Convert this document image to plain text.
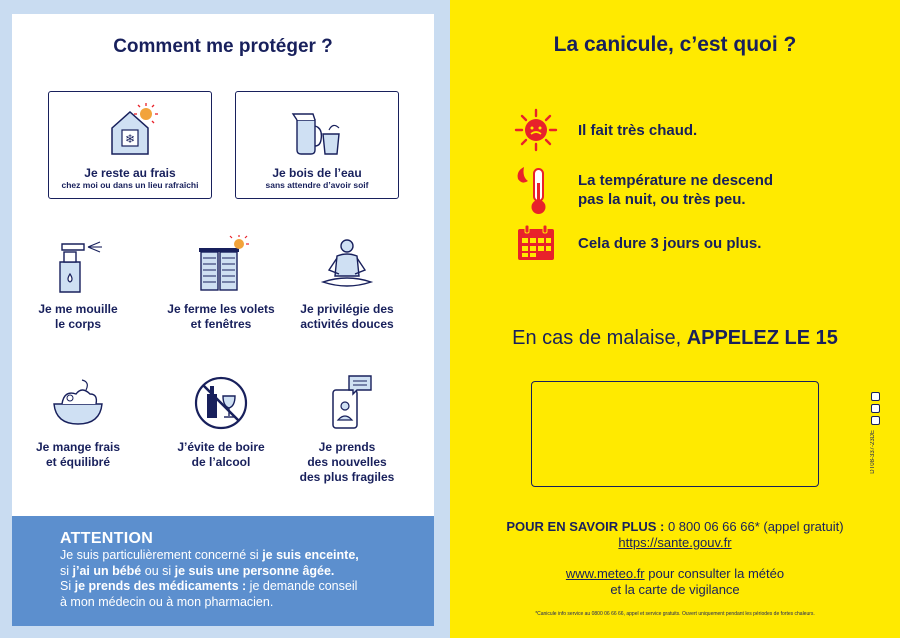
Comment me protéger ?
❄
Je reste au frais
chez moi ou dans un lieu rafraîchi
Je bois de l’eau
sans attendre d’avoir soif
Je me mouille
le corps
Je ferme les volets
et fenêtres
Je privilégie des
activités douces
Je mange frais
et équilibré
J’évite de boire
de l’alcool
Je prends
des nouvelles
des plus fragiles
ATTENTION
Je suis particulièrement concerné si je suis enceinte,
si j’ai un bébé ou si je suis une personne âgée.
Si je prends des médicaments : je demande conseil
à mon médecin ou à mon pharmacien.
La canicule, c’est quoi ?
Il fait très chaud.
La température ne descend
pas la nuit, ou très peu.
Cela dure 3 jours ou plus.
En cas de malaise, APPELEZ LE 15
DT08-337-23DE
POUR EN SAVOIR PLUS : 0 800 06 66 66* (appel gratuit)
https://sante.gouv.fr
www.meteo.fr pour consulter la météo
et la carte de vigilance
*Canicule info service au 0800 06 66 66, appel et service gratuits. Ouvert uniquement pendant les périodes de fortes chaleurs.
